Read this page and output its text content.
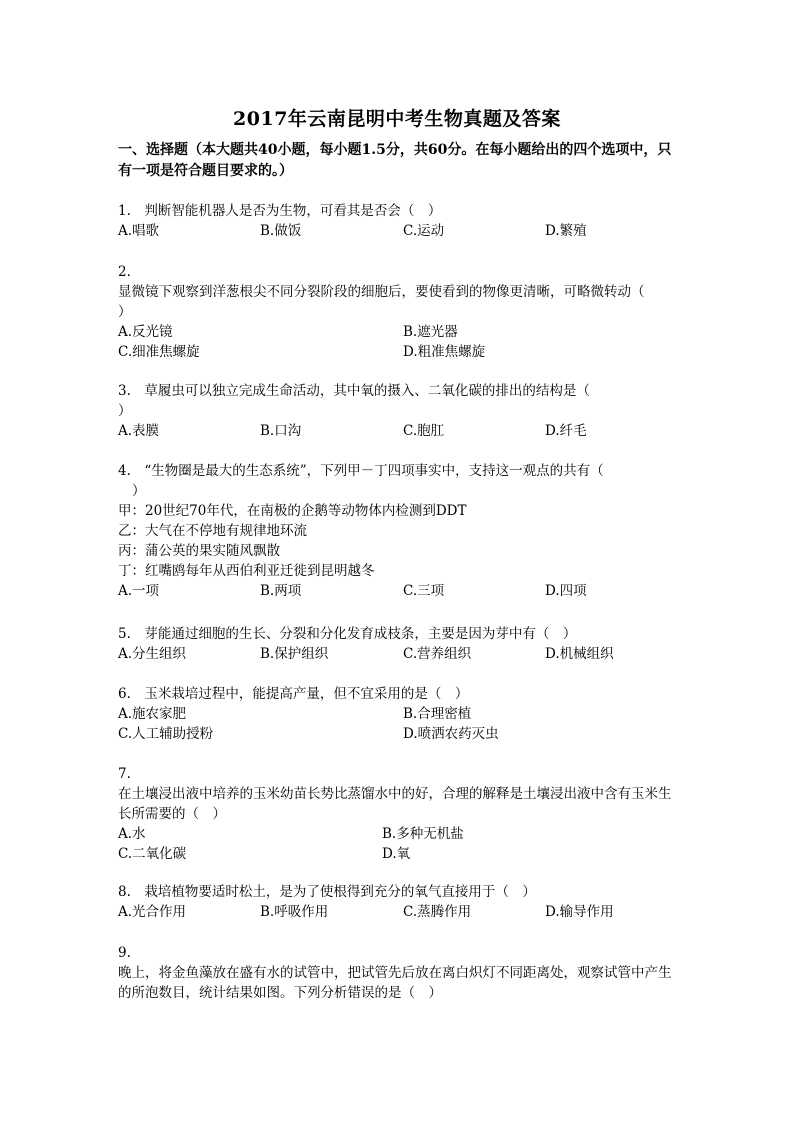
2017年云南昆明中考生物真题及答案
一、选择题（本大题共40小题，每小题1.5分，共60分。在每小题给出的四个选项中，只有一项是符合题目要求的。）
1.　判断智能机器人是否为生物，可看其是否会（　）
A.唱歌	B.做饭	C.运动	D.繁殖
2.
显微镜下观察到洋葱根尖不同分裂阶段的细胞后，要使看到的物像更清晰，可略微转动（
）
A.反光镜	B.遮光器
C.细准焦螺旋	D.粗准焦螺旋
3.　草履虫可以独立完成生命活动，其中氧的摄入、二氧化碳的排出的结构是（
）
A.表膜	B.口沟	C.胞肛	D.纤毛
4.　“生物圈是最大的生态系统”，下列甲－丁四项事实中，支持这一观点的共有（
）
甲：20世纪70年代，在南极的企鹅等动物体内检测到DDT
乙：大气在不停地有规律地环流
丙：蒲公英的果实随风飘散
丁：红嘴鸥每年从西伯利亚迁徙到昆明越冬
A.一项	B.两项	C.三项	D.四项
5.　芽能通过细胞的生长、分裂和分化发育成枝条，主要是因为芽中有（　）
A.分生组织	B.保护组织	C.营养组织	D.机械组织
6.　玉米栽培过程中，能提高产量，但不宜采用的是（　）
A.施农家肥	B.合理密植
C.人工辅助授粉	D.喷洒农药灭虫
7.
在土壤浸出液中培养的玉米幼苗长势比蒸馏水中的好，合理的解释是土壤浸出液中含有玉米生长所需要的（　）
A.水	B.多种无机盐
C.二氧化碳	D.氧
8.　栽培植物要适时松土，是为了使根得到充分的氧气直接用于（　）
A.光合作用	B.呼吸作用	C.蒸腾作用	D.输导作用
9.
晚上，将金鱼藻放在盛有水的试管中，把试管先后放在离白炽灯不同距离处，观察试管中产生的所泡数目，统计结果如图。下列分析错误的是（　）
